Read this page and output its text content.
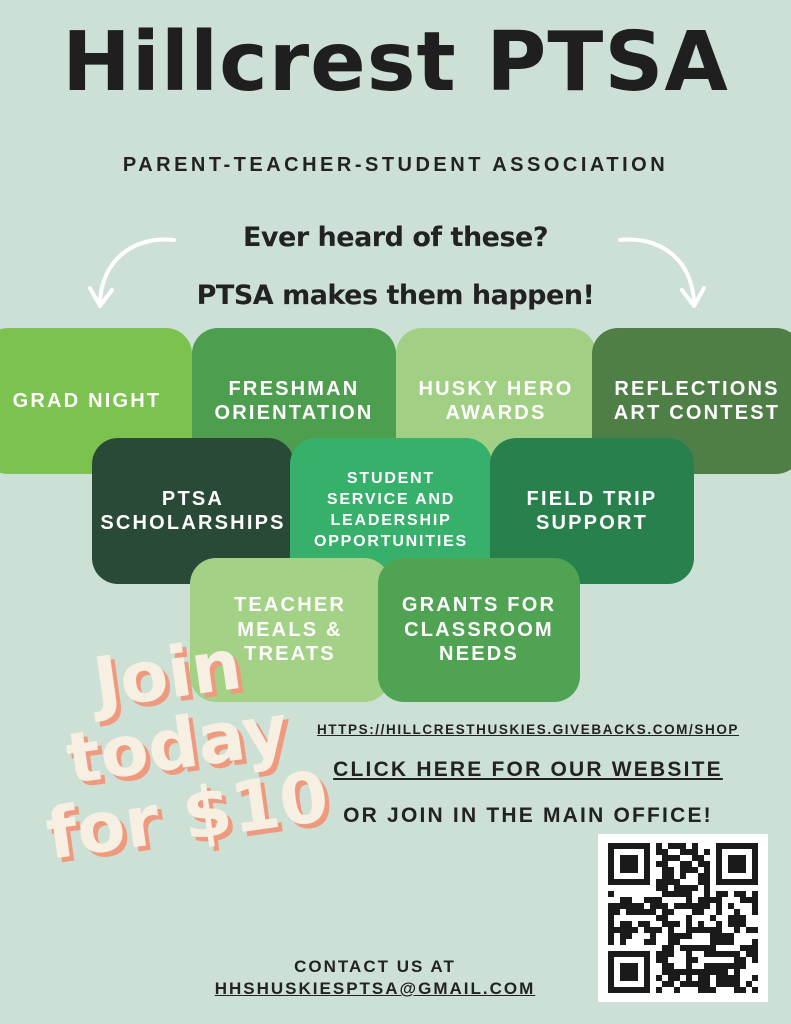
Hillcrest PTSA
PARENT-TEACHER-STUDENT ASSOCIATION
Ever heard of these?
PTSA makes them happen!
GRAD NIGHT
FRESHMAN
ORIENTATION
HUSKY HERO
AWARDS
REFLECTIONS
ART CONTEST
PTSA
SCHOLARSHIPS
STUDENT
SERVICE AND
LEADERSHIP
OPPORTUNITIES
FIELD TRIP
SUPPORT
TEACHER
MEALS &
TREATS
GRANTS FOR
CLASSROOM
NEEDS
Join today for $10
HTTPS://HILLCRESTHUSKIES.GIVEBACKS.COM/SHOP
CLICK HERE FOR OUR WEBSITE
OR JOIN IN THE MAIN OFFICE!
CONTACT US AT
HHSHUSKIESPTSA@GMAIL.COM
